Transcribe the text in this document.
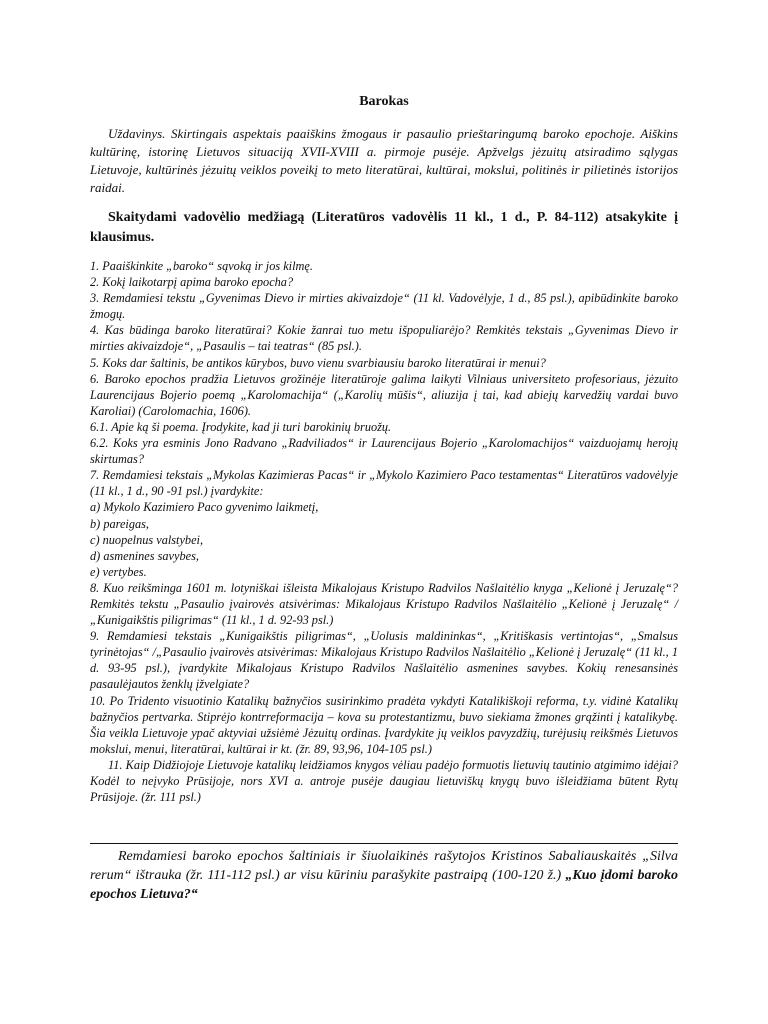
Barokas
Uždavinys. Skirtingais aspektais paaiškins žmogaus ir pasaulio prieštaringumą baroko epochoje. Aiškins kultūrinę, istorinę Lietuvos situaciją XVII-XVIII a. pirmoje pusėje. Apžvelgs jėzuitų atsiradimo sąlygas Lietuvoje, kultūrinės jėzuitų veiklos poveikį to meto literatūrai, kultūrai, mokslui, politinės ir pilietinės istorijos raidai.
Skaitydami vadovėlio medžiagą (Literatūros vadovėlis 11 kl., 1 d., P. 84-112) atsakykite į klausimus.

1. Paaiškinkite „baroko“ sąvoką ir jos kilmę.

2. Kokį laikotarpį apima baroko epocha?

3. Remdamiesi tekstu „Gyvenimas Dievo ir mirties akivaizdoje“ (11 kl. Vadovėlyje, 1 d., 85 psl.), apibūdinkite baroko žmogų.

4. Kas būdinga baroko literatūrai? Kokie žanrai tuo metu išpopuliarėjo? Remkitės tekstais „Gyvenimas Dievo ir mirties akivaizdoje“, „Pasaulis – tai teatras“ (85 psl.).

5. Koks dar šaltinis, be antikos kūrybos, buvo vienu svarbiausiu baroko literatūrai ir menui?

6. Baroko epochos pradžia Lietuvos grožinėje literatūroje galima laikyti Vilniaus universiteto profesoriaus, jėzuito Laurencijaus Bojerio poemą „Karolomachija“ („Karolių mūšis“, aliuzija į tai, kad abiejų karvedžių vardai buvo Karoliai) (Carolomachia, 1606).

6.1. Apie ką ši poema. Įrodykite, kad ji turi barokinių bruožų.

6.2. Koks yra esminis Jono Radvano „Radviliados“ ir Laurencijaus Bojerio „Karolomachijos“ vaizduojamų herojų skirtumas?

7. Remdamiesi tekstais „Mykolas Kazimieras Pacas“ ir „Mykolo Kazimiero Paco testamentas“ Literatūros vadovėlyje (11 kl., 1 d., 90 -91 psl.) įvardykite:

a) Mykolo Kazimiero Paco gyvenimo laikmetį,

b) pareigas,

c) nuopelnus valstybei,

d) asmenines savybes,

e) vertybes.

8. Kuo reikšminga 1601 m. lotyniškai išleista Mikalojaus Kristupo Radvilos Našlaitėlio knyga „Kelionė į Jeruzalę“? Remkitės tekstu „Pasaulio įvairovės atsivėrimas: Mikalojaus Kristupo Radvilos Našlaitėlio „Kelionė į Jeruzalę“ / „Kunigaikštis piligrimas“ (11 kl., 1 d. 92-93 psl.)

9. Remdamiesi tekstais „Kunigaikštis piligrimas“, „Uolusis maldininkas“, „Kritiškasis vertintojas“, „Smalsus tyrinėtojas“ /„Pasaulio įvairovės atsivėrimas: Mikalojaus Kristupo Radvilos Našlaitėlio „Kelionė į Jeruzalę“ (11 kl., 1 d. 93-95 psl.), įvardykite Mikalojaus Kristupo Radvilos Našlaitėlio asmenines savybes. Kokių renesansinės pasaulėjautos ženklų įžvelgiate?

10. Po Tridento visuotinio Katalikų bažnyčios susirinkimo pradėta vykdyti Katalikiškoji reforma, t.y. vidinė Katalikų bažnyčios pertvarka. Stiprėjo kontrreformacija – kova su protestantizmu, buvo siekiama žmones grąžinti į katalikybę. Šia veikla Lietuvoje ypač aktyviai užsiėmė Jėzuitų ordinas. Įvardykite jų veiklos pavyzdžių, turėjusių reikšmės Lietuvos mokslui, menui, literatūrai, kultūrai ir kt. (žr. 89, 93,96, 104-105 psl.)

11. Kaip Didžiojoje Lietuvoje katalikų leidžiamos knygos vėliau padėjo formuotis lietuvių tautinio atgimimo idėjai? Kodėl to neįvyko Prūsijoje, nors XVI a. antroje pusėje daugiau lietuviškų knygų buvo išleidžiama būtent Rytų Prūsijoje. (žr. 111 psl.)

Remdamiesi baroko epochos šaltiniais ir šiuolaikinės rašytojos Kristinos Sabaliauskaitės „Silva rerum“ ištrauka (žr. 111-112 psl.) ar visu kūriniu parašykite pastraipą (100-120 ž.) „Kuo įdomi baroko epochos Lietuva?“
